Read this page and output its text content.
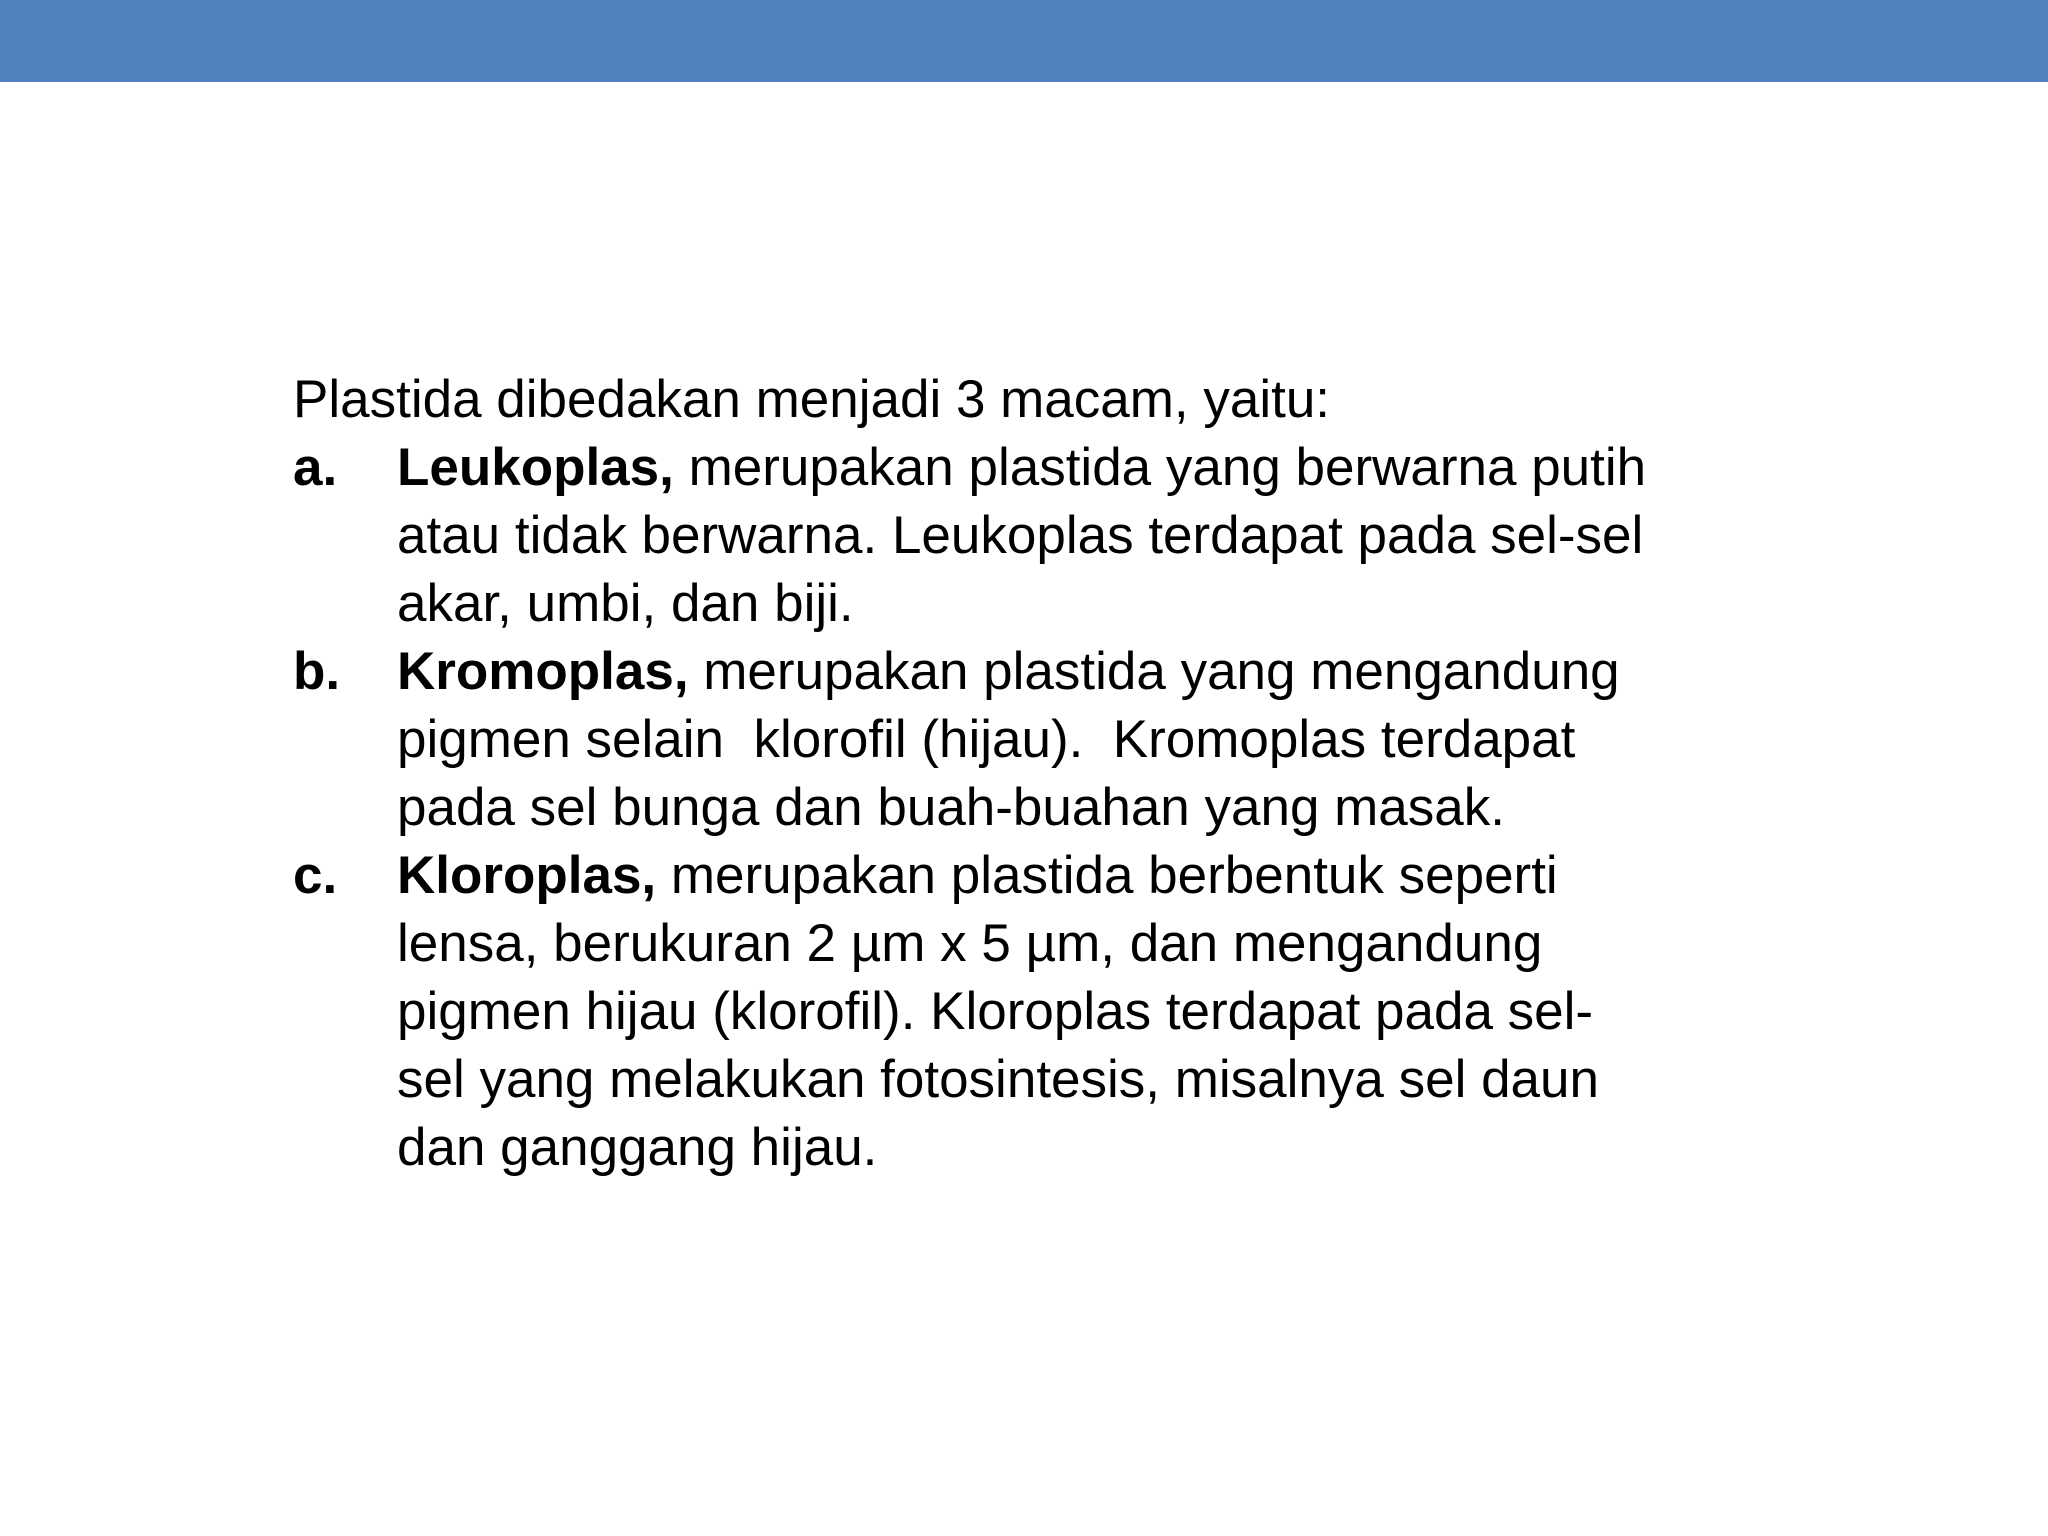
Plastida dibedakan menjadi 3 macam, yaitu:

a.	Leukoplas, merupakan plastida yang berwarna putih
atau tidak berwarna. Leukoplas terdapat pada sel-sel
akar, umbi, dan biji.
b.	Kromoplas, merupakan plastida yang mengandung
pigmen selain  klorofil (hijau).  Kromoplas terdapat
pada sel bunga dan buah-buahan yang masak.
c.	Kloroplas, merupakan plastida berbentuk seperti
lensa, berukuran 2 µm x 5 µm, dan mengandung
pigmen hijau (klorofil). Kloroplas terdapat pada sel-
sel yang melakukan fotosintesis, misalnya sel daun
dan ganggang hijau.
